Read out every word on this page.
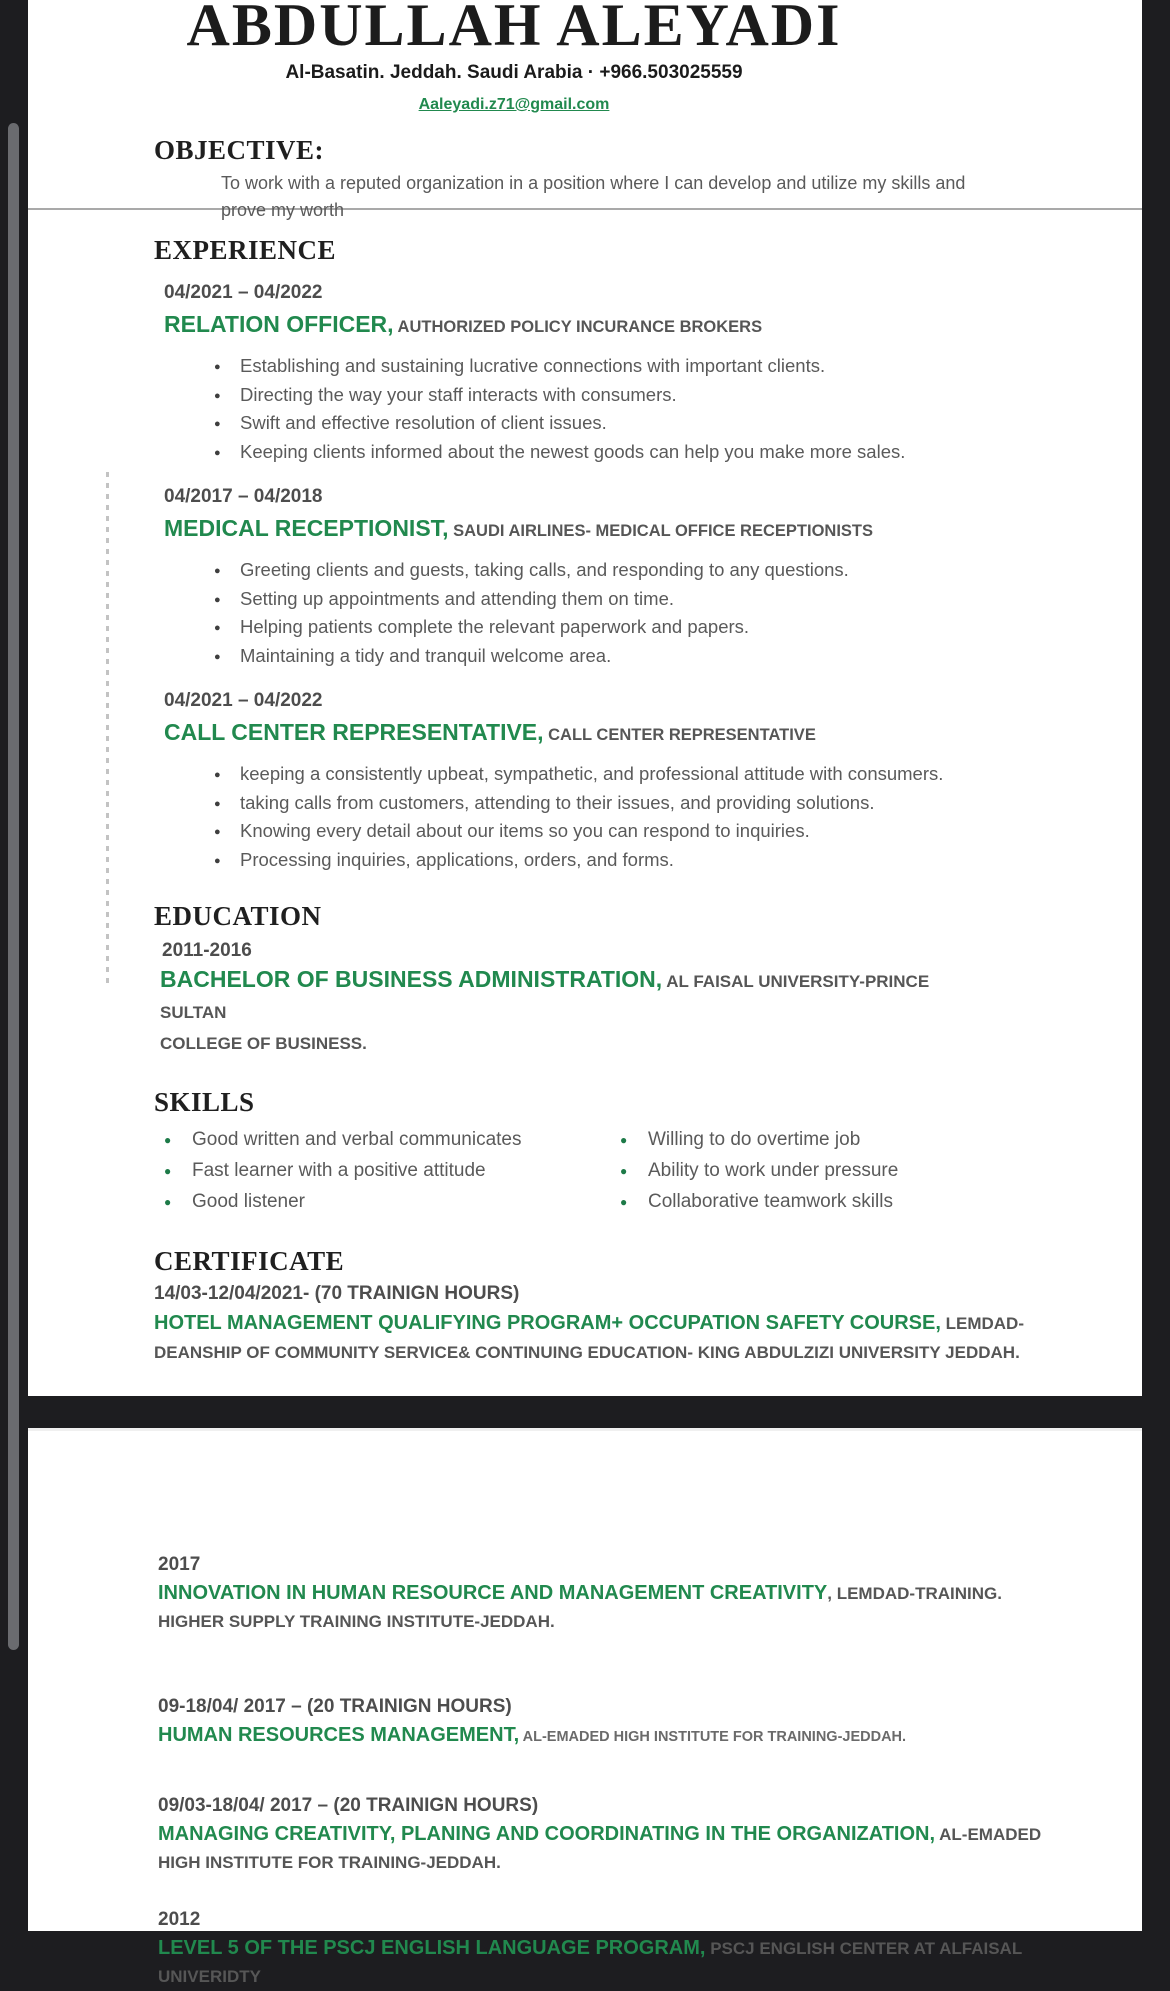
ABDULLAH ALEYADI
Al-Basatin. Jeddah. Saudi Arabia · +966.503025559
Aaleyadi.z71@gmail.com
OBJECTIVE:

To work with a reputed organization in a position where I can develop and utilize my skills and prove my worth

EXPERIENCE
04/2021 – 04/2022
RELATION OFFICER, AUTHORIZED POLICY INCURANCE BROKERS
● Establishing and sustaining lucrative connections with important clients.
● Directing the way your staff interacts with consumers.
● Swift and effective resolution of client issues.
● Keeping clients informed about the newest goods can help you make more sales.
04/2017 – 04/2018
MEDICAL RECEPTIONIST, SAUDI AIRLINES- MEDICAL OFFICE RECEPTIONISTS
● Greeting clients and guests, taking calls, and responding to any questions.
● Setting up appointments and attending them on time.
● Helping patients complete the relevant paperwork and papers.
● Maintaining a tidy and tranquil welcome area.
04/2021 – 04/2022
CALL CENTER REPRESENTATIVE, CALL CENTER REPRESENTATIVE
● keeping a consistently upbeat, sympathetic, and professional attitude with consumers.
● taking calls from customers, attending to their issues, and providing solutions.
● Knowing every detail about our items so you can respond to inquiries.
● Processing inquiries, applications, orders, and forms.
EDUCATION
2011-2016
BACHELOR OF BUSINESS ADMINISTRATION, AL FAISAL UNIVERSITY-PRINCE SULTAN
COLLEGE OF BUSINESS.
SKILLS
● Good written and verbal communicates
● Fast learner with a positive attitude
● Good listener
● Willing to do overtime job
● Ability to work under pressure
● Collaborative teamwork skills
CERTIFICATE
14/03-12/04/2021- (70 TRAINIGN HOURS)
HOTEL MANAGEMENT QUALIFYING PROGRAM+ OCCUPATION SAFETY COURSE, LEMDAD-
DEANSHIP OF COMMUNITY SERVICE& CONTINUING EDUCATION- KING ABDULZIZI UNIVERSITY JEDDAH.
2017
INNOVATION IN HUMAN RESOURCE AND MANAGEMENT CREATIVITY, LEMDAD-TRAINING.
HIGHER SUPPLY TRAINING INSTITUTE-JEDDAH.
09-18/04/ 2017 – (20 TRAINIGN HOURS)
HUMAN RESOURCES MANAGEMENT, AL-EMADED HIGH INSTITUTE FOR TRAINING-JEDDAH.
09/03-18/04/ 2017 – (20 TRAINIGN HOURS)
MANAGING CREATIVITY, PLANING AND COORDINATING IN THE ORGANIZATION, AL-EMADED
HIGH INSTITUTE FOR TRAINING-JEDDAH.
2012
LEVEL 5 OF THE PSCJ ENGLISH LANGUAGE PROGRAM, PSCJ ENGLISH CENTER AT ALFAISAL
UNIVERIDTY
